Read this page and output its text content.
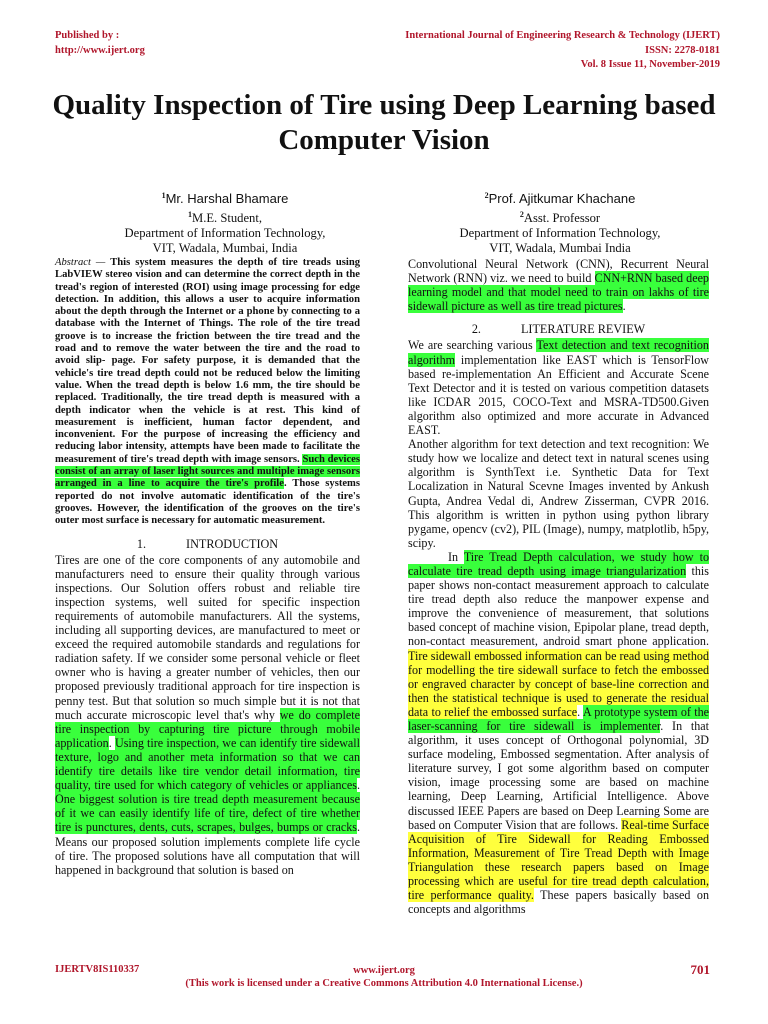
Published by :
http://www.ijert.org
International Journal of Engineering Research & Technology (IJERT)
ISSN: 2278-0181
Vol. 8 Issue 11, November-2019
Quality Inspection of Tire using Deep Learning based Computer Vision
$^1$Mr. Harshal Bhamare
$^1$M.E. Student,
Department of Information Technology,
VIT, Wadala, Mumbai, India
$^2$Prof. Ajitkumar Khachane
$^2$Asst. Professor
Department of Information Technology,
VIT, Wadala, Mumbai India

Abstract — This system measures the depth of tire treads using LabVIEW stereo vision and can determine the correct depth in the tread's region of interested (ROI) using image processing for edge detection. In addition, this allows a user to acquire information about the depth through the Internet or a phone by connecting to a database with the Internet of Things. The role of the tire tread groove is to increase the friction between the tire tread and the road and to remove the water between the tire and the road to avoid slip- page. For safety purpose, it is demanded that the vehicle's tire tread depth could not be reduced below the limiting value. When the tread depth is below 1.6 mm, the tire should be replaced. Traditionally, the tire tread depth is measured with a depth indicator when the vehicle is at rest. This kind of measurement is inefficient, human factor dependent, and inconvenient. For the purpose of increasing the efficiency and reducing labor intensity, attempts have been made to facilitate the measurement of tire's tread depth with image sensors. Such devices consist of an array of laser light sources and multiple image sensors arranged in a line to acquire the tire's profile. Those systems reported do not involve automatic identification of the tire's grooves. However, the identification of the grooves on the tire's outer most surface is necessary for automatic measurement.

1.	INTRODUCTION

Tires are one of the core components of any automobile and manufacturers need to ensure their quality through various inspections. Our Solution offers robust and reliable tire inspection systems, well suited for specific inspection requirements of automobile manufacturers. All the systems, including all supporting devices, are manufactured to meet or exceed the required automobile standards and regulations for radiation safety. If we consider some personal vehicle or fleet owner who is having a greater number of vehicles, then our proposed previously traditional approach for tire inspection is penny test. But that solution so much simple but it is not that much accurate microscopic level that's why we do complete tire inspection by capturing tire picture through mobile application. Using tire inspection, we can identify tire sidewall texture, logo and another meta information so that we can identify tire details like tire vendor detail information, tire quality, tire used for which category of vehicles or appliances. One biggest solution is tire tread depth measurement because of it we can easily identify life of tire, defect of tire whether tire is punctures, dents, cuts, scrapes, bulges, bumps or cracks. Means our proposed solution implements complete life cycle of tire. The proposed solutions have all computation that will happened in background that solution is based on

Convolutional Neural Network (CNN), Recurrent Neural Network (RNN) viz. we need to build CNN+RNN based deep learning model and that model need to train on lakhs of tire sidewall picture as well as tire tread pictures.

2.	LITERATURE REVIEW

We are searching various Text detection and text recognition algorithm implementation like EAST which is TensorFlow based re-implementation An Efficient and Accurate Scene Text Detector and it is tested on various competition datasets like ICDAR 2015, COCO-Text and MSRA-TD500.Given algorithm also optimized and more accurate in Advanced EAST.

Another algorithm for text detection and text recognition: We study how we localize and detect text in natural scenes using algorithm is SynthText i.e. Synthetic Data for Text Localization in Natural Scevne Images invented by Ankush Gupta, Andrea Vedal di, Andrew Zisserman, CVPR 2016. This algorithm is written in python using python library pygame, opencv (cv2), PIL (Image), numpy, matplotlib, h5py, scipy.

In Tire Tread Depth calculation, we study how to calculate tire tread depth using image triangularization this paper shows non-contact measurement approach to calculate tire tread depth also reduce the manpower expense and improve the convenience of measurement, that solutions based concept of machine vision, Epipolar plane, tread depth, non-contact measurement, android smart phone application. Tire sidewall embossed information can be read using method for modelling the tire sidewall surface to fetch the embossed or engraved character by concept of base-line correction and then the statistical technique is used to generate the residual data to relief the embossed surface. A prototype system of the laser-scanning for tire sidewall is implementer. In that algorithm, it uses concept of Orthogonal polynomial, 3D surface modeling, Embossed segmentation. After analysis of literature survey, I got some algorithm based on computer vision, image processing some are based on machine learning, Deep Learning, Artificial Intelligence. Above discussed IEEE Papers are based on Deep Learning Some are based on Computer Vision that are follows. Real-time Surface Acquisition of Tire Sidewall for Reading Embossed Information, Measurement of Tire Tread Depth with Image Triangulation these research papers based on Image processing which are useful for tire tread depth calculation, tire performance quality. These papers basically based on concepts and algorithms

IJERTV8IS110337	www.ijert.org
(This work is licensed under a Creative Commons Attribution 4.0 International License.)
701
